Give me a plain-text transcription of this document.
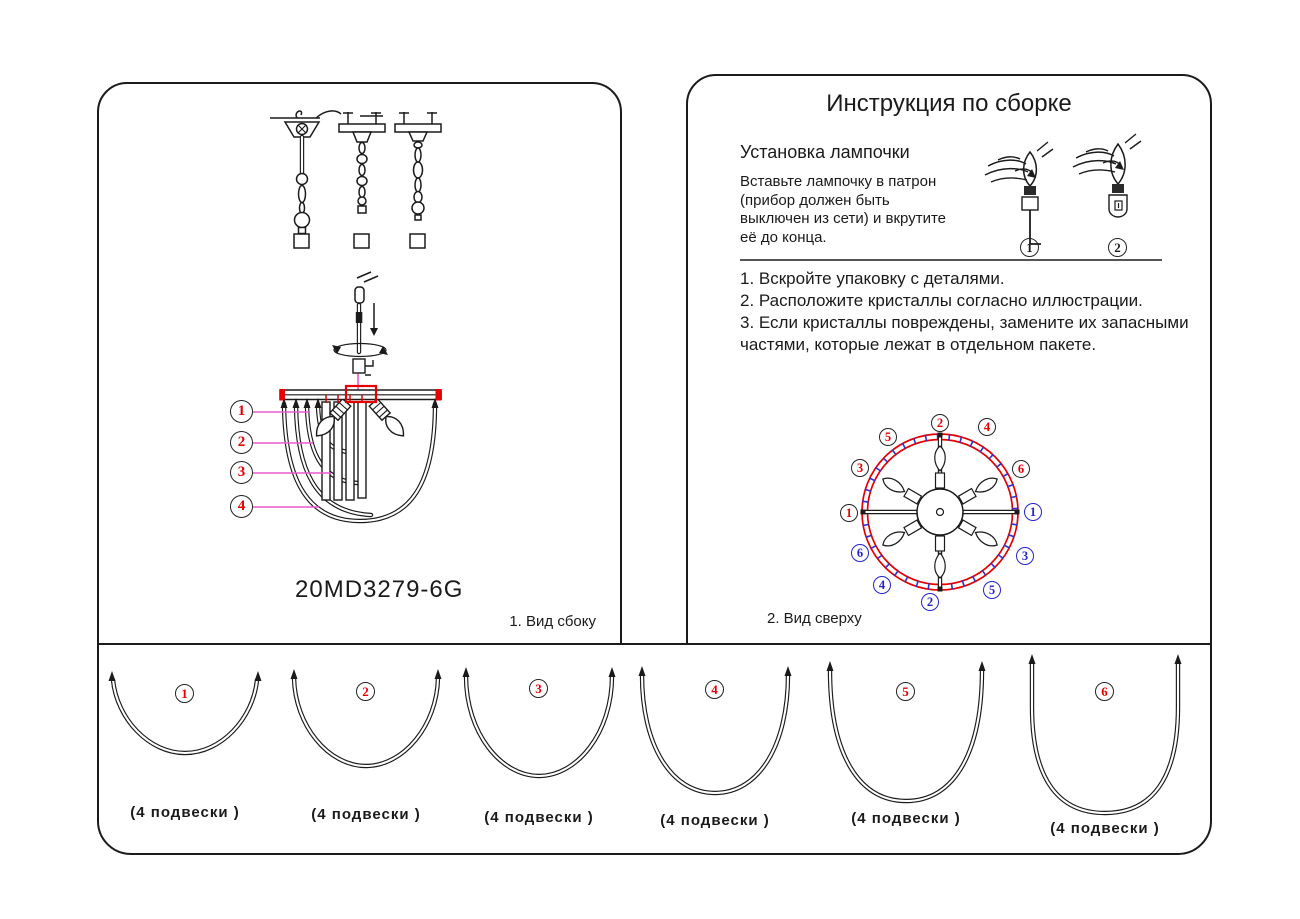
1
2
3
4
20MD3279-6G
1. Вид сбоку
Инструкция по сборке
Установка лампочки
Вставьте лампочку в патрон
(прибор должен быть
выключен из сети) и вкрутите
её до конца.
1	2
1. Вскройте упаковку с деталями.
2. Расположите кристаллы согласно иллюстрации.
3. Если кристаллы повреждены, замените их запасными частями, которые лежат в отдельном пакете.
1
3
5
2	4
6
1
3
5
2
4
6
2. Вид сверху
1	2	3	4	5	6
(4 подвески )	(4 подвески )	(4 подвески )	(4 подвески )	(4 подвески )
(4 подвески )
